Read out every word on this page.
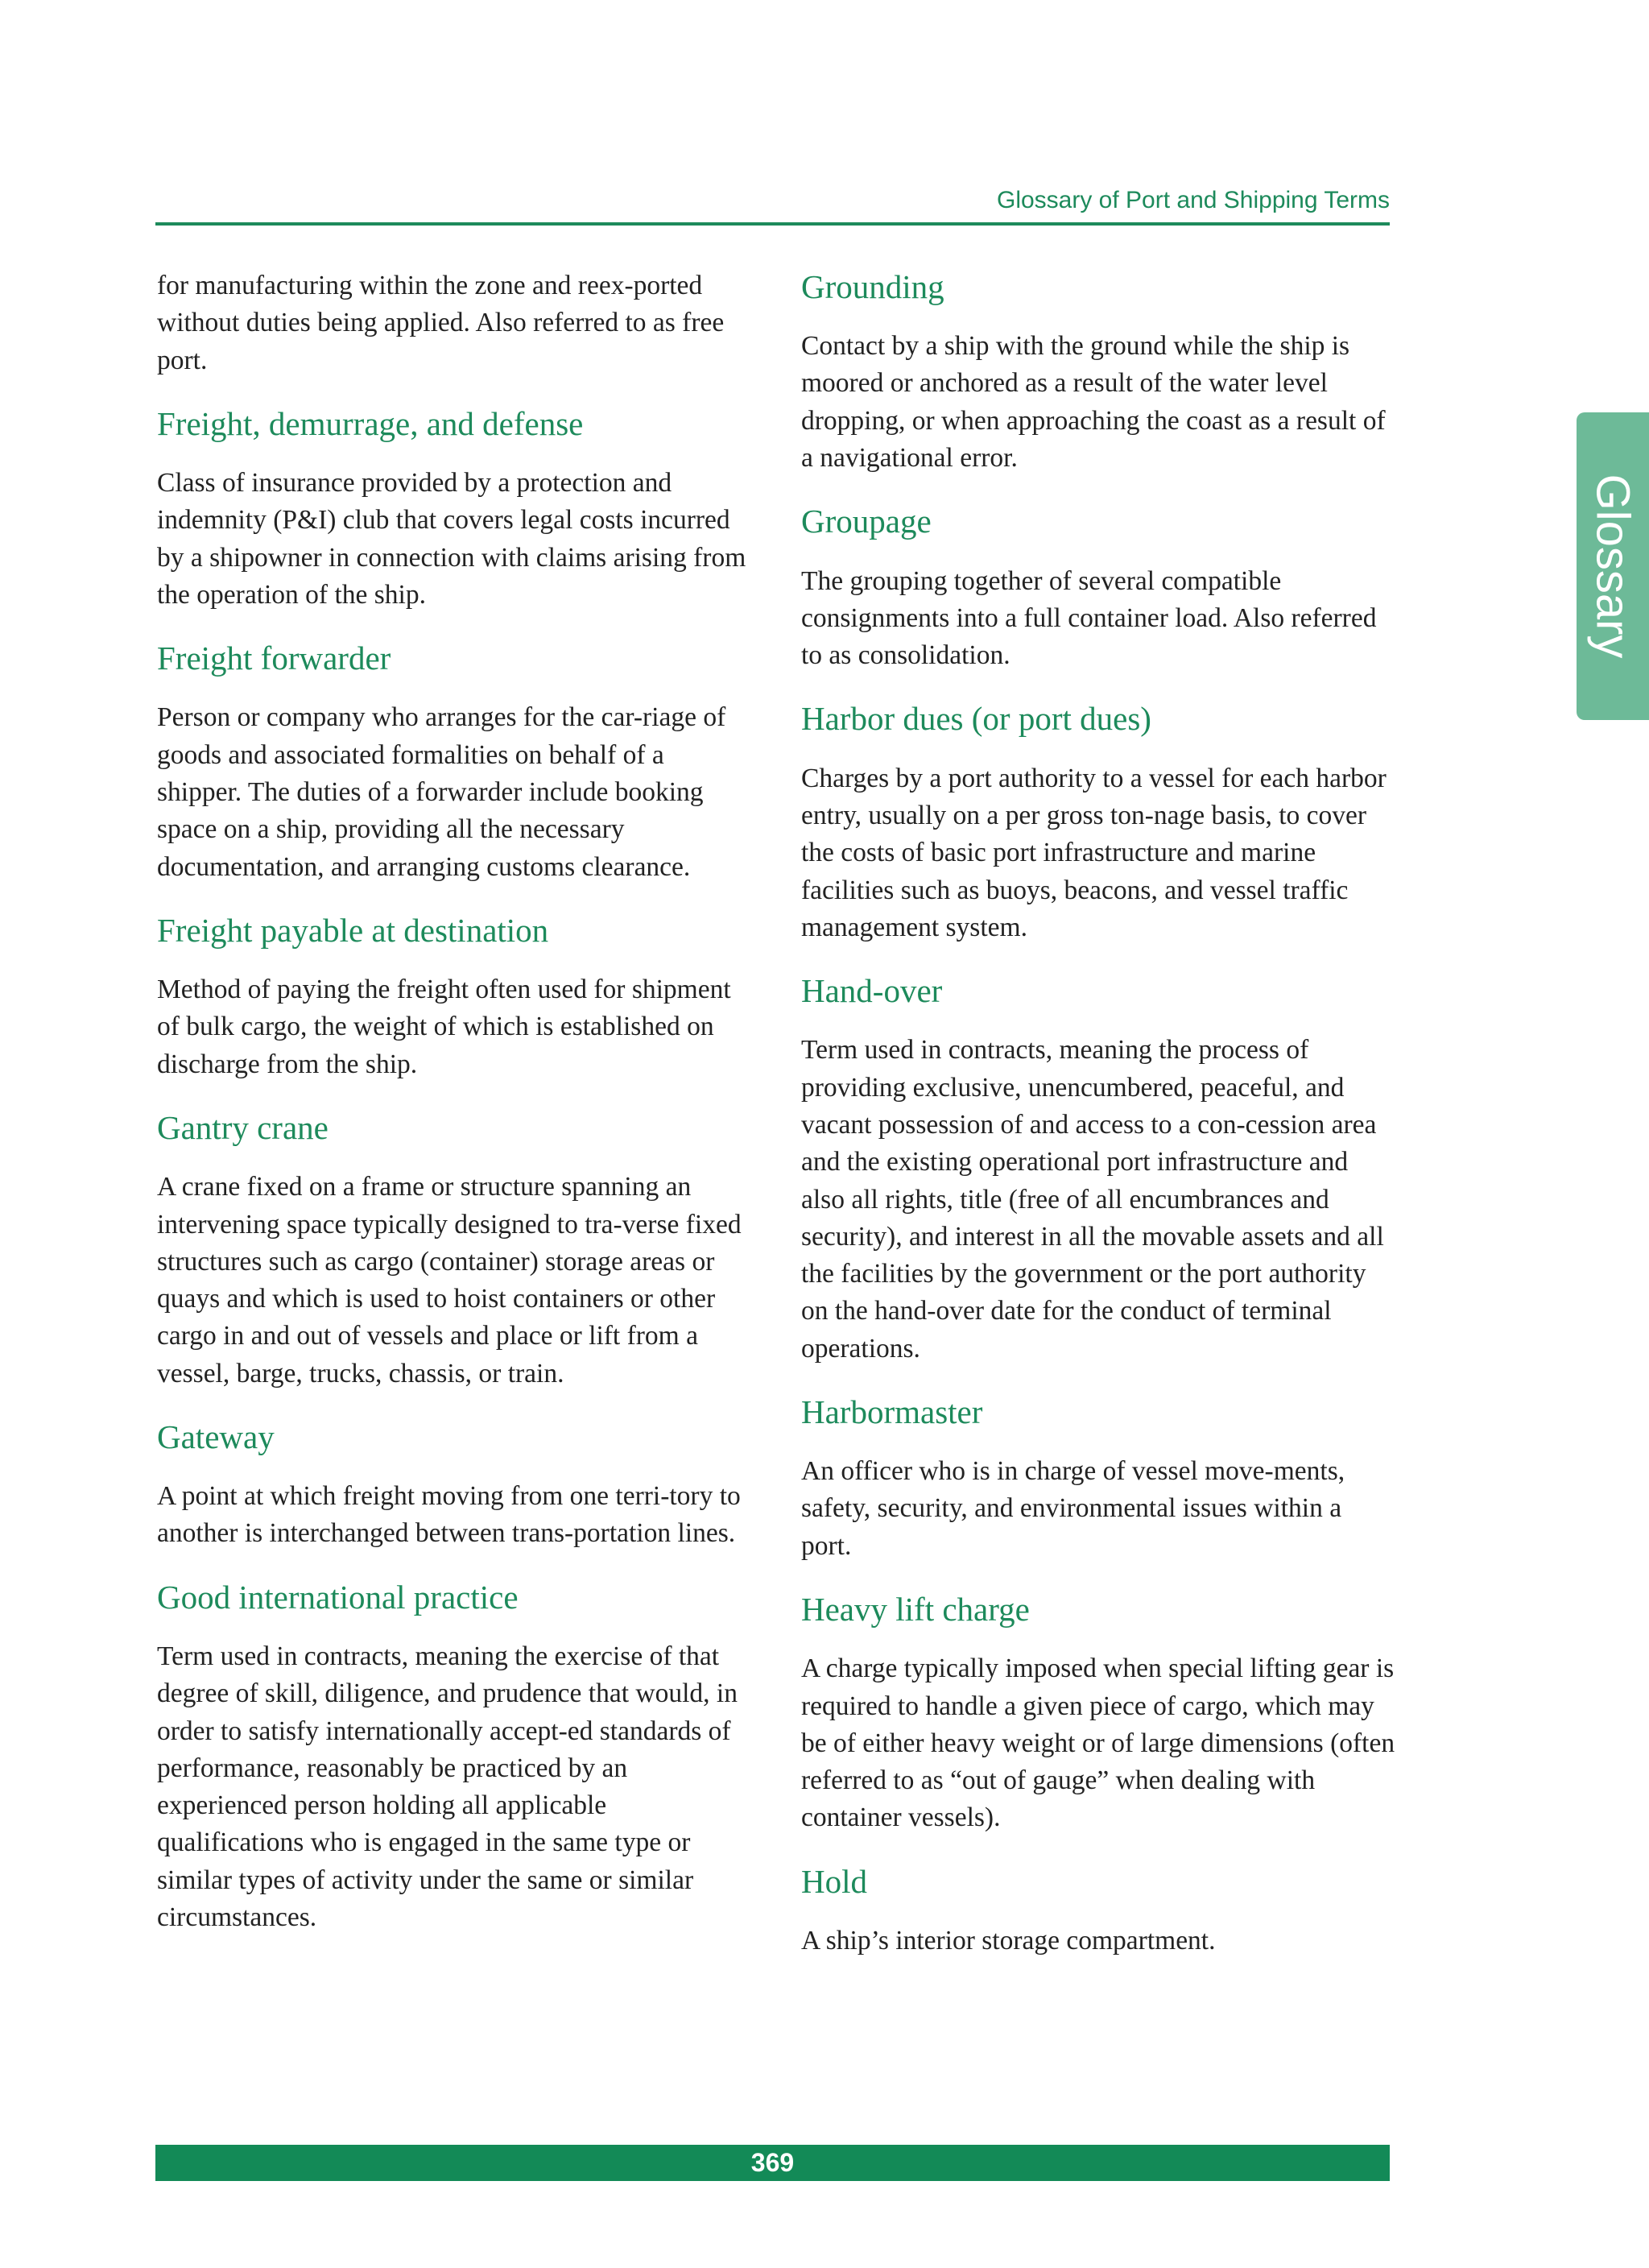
Glossary of Port and Shipping Terms
Glossary

for manufacturing within the zone and reex-ported without duties being applied. Also referred to as free port.

Freight, demurrage, and defense

Class of insurance provided by a protection and indemnity (P&I) club that covers legal costs incurred by a shipowner in connection with claims arising from the operation of the ship.

Freight forwarder

Person or company who arranges for the car-riage of goods and associated formalities on behalf of a shipper. The duties of a forwarder include booking space on a ship, providing all the necessary documentation, and arranging customs clearance.

Freight payable at destination

Method of paying the freight often used for shipment of bulk cargo, the weight of which is established on discharge from the ship.

Gantry crane

A crane fixed on a frame or structure spanning an intervening space typically designed to tra-verse fixed structures such as cargo (container) storage areas or quays and which is used to hoist containers or other cargo in and out of vessels and place or lift from a vessel, barge, trucks, chassis, or train.

Gateway

A point at which freight moving from one terri-tory to another is interchanged between trans-portation lines.

Good international practice

Term used in contracts, meaning the exercise of that degree of skill, diligence, and prudence that would, in order to satisfy internationally accept-ed standards of performance, reasonably be practiced by an experienced person holding all applicable qualifications who is engaged in the same type or similar types of activity under the same or similar circumstances.

Grounding

Contact by a ship with the ground while the ship is moored or anchored as a result of the water level dropping, or when approaching the coast as a result of a navigational error.

Groupage

The grouping together of several compatible consignments into a full container load. Also referred to as consolidation.

Harbor dues (or port dues)

Charges by a port authority to a vessel for each harbor entry, usually on a per gross ton-nage basis, to cover the costs of basic port infrastructure and marine facilities such as buoys, beacons, and vessel traffic management system.

Hand-over

Term used in contracts, meaning the process of providing exclusive, unencumbered, peaceful, and vacant possession of and access to a con-cession area and the existing operational port infrastructure and also all rights, title (free of all encumbrances and security), and interest in all the movable assets and all the facilities by the government or the port authority on the hand-over date for the conduct of terminal operations.

Harbormaster

An officer who is in charge of vessel move-ments, safety, security, and environmental issues within a port.

Heavy lift charge

A charge typically imposed when special lifting gear is required to handle a given piece of cargo, which may be of either heavy weight or of large dimensions (often referred to as “out of gauge” when dealing with container vessels).

Hold

A ship’s interior storage compartment.

369
